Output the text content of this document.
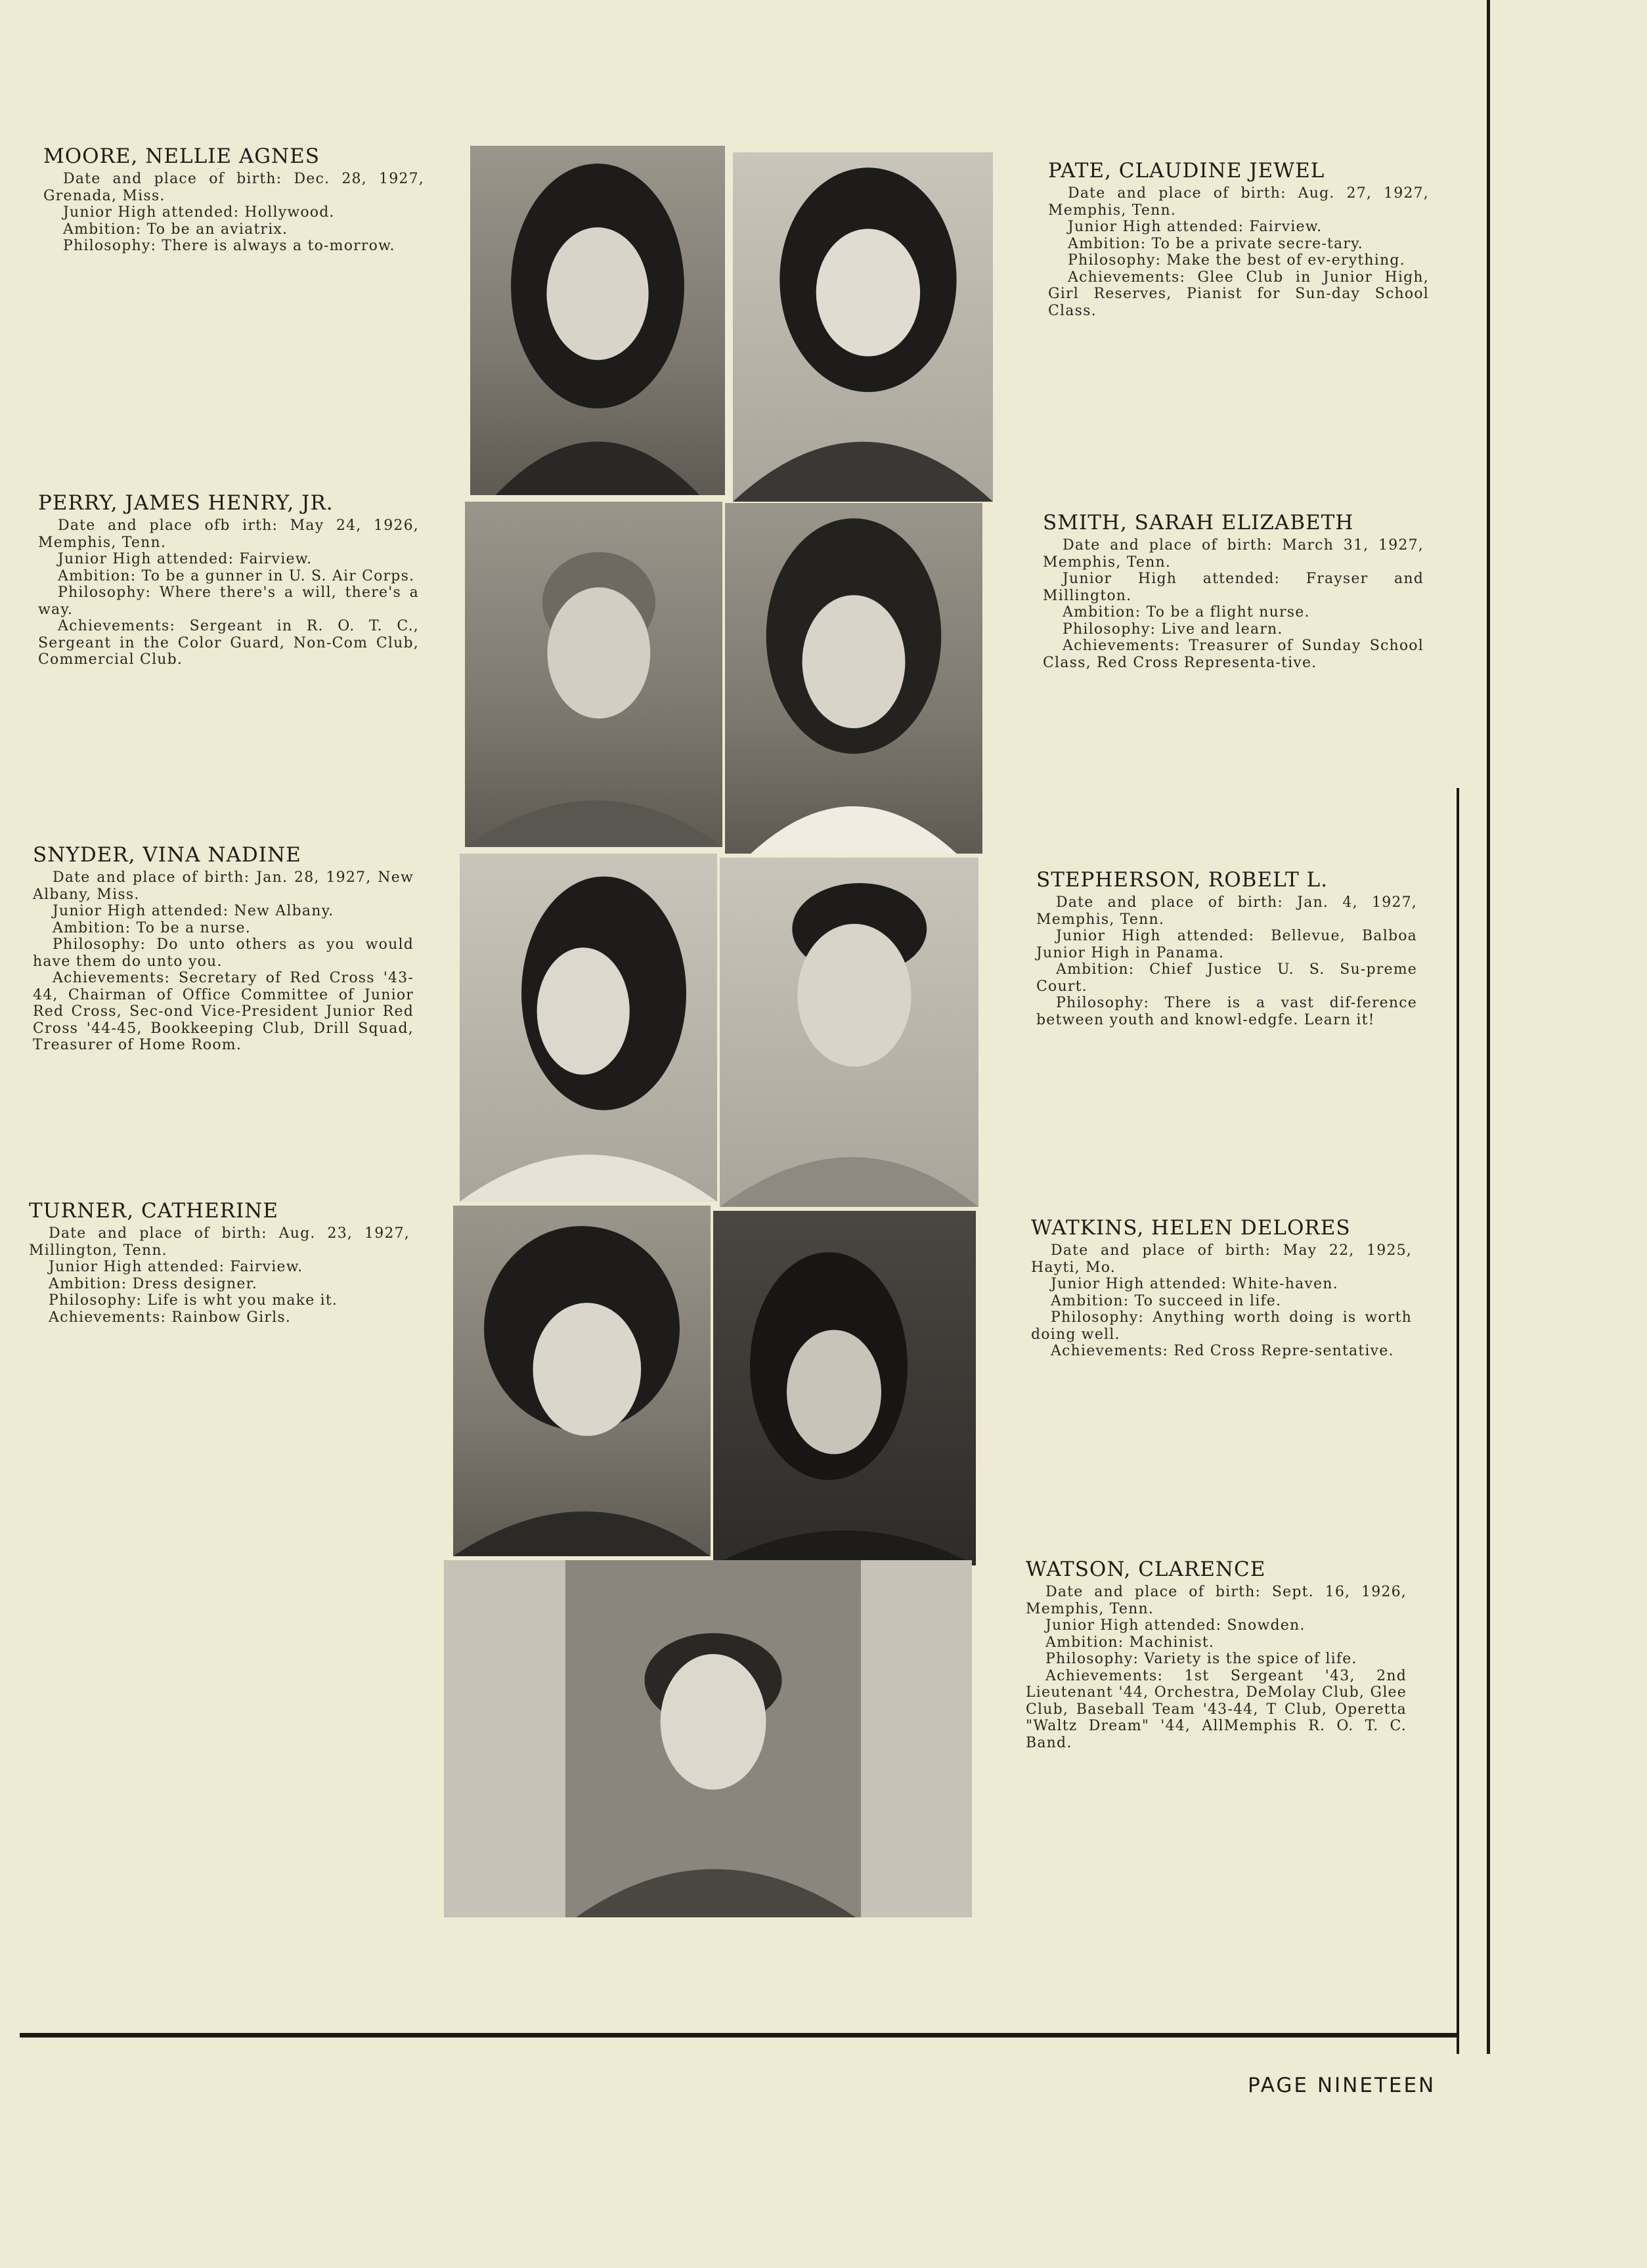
MOORE, NELLIE AGNES

Date and place of birth: Dec. 28, 1927, Grenada, Miss.

Junior High attended: Hollywood.

Ambition: To be an aviatrix.

Philosophy: There is always a to-morrow.

PATE, CLAUDINE JEWEL

Date and place of birth: Aug. 27, 1927, Memphis, Tenn.

Junior High attended: Fairview.

Ambition: To be a private secre-tary.

Philosophy: Make the best of ev-erything.

Achievements: Glee Club in Junior High, Girl Reserves, Pianist for Sun-day School Class.

PERRY, JAMES HENRY, JR.

Date and place ofb irth: May 24, 1926, Memphis, Tenn.

Junior High attended: Fairview.

Ambition: To be a gunner in U. S. Air Corps.

Philosophy: Where there's a will, there's a way.

Achievements: Sergeant in R. O. T. C., Sergeant in the Color Guard, Non-Com Club, Commercial Club.

SMITH, SARAH ELIZABETH

Date and place of birth: March 31, 1927, Memphis, Tenn.

Junior High attended: Frayser and Millington.

Ambition: To be a flight nurse.

Philosophy: Live and learn.

Achievements: Treasurer of Sunday School Class, Red Cross Representa-tive.

SNYDER, VINA NADINE

Date and place of birth: Jan. 28, 1927, New Albany, Miss.

Junior High attended: New Albany.

Ambition: To be a nurse.

Philosophy: Do unto others as you would have them do unto you.

Achievements: Secretary of Red Cross '43-44, Chairman of Office Committee of Junior Red Cross, Sec-ond Vice-President Junior Red Cross '44-45, Bookkeeping Club, Drill Squad, Treasurer of Home Room.

STEPHERSON, ROBELT L.

Date and place of birth: Jan. 4, 1927, Memphis, Tenn.

Junior High attended: Bellevue, Balboa Junior High in Panama.

Ambition: Chief Justice U. S. Su-preme Court.

Philosophy: There is a vast dif-ference between youth and knowl-edgfe. Learn it!

TURNER, CATHERINE

Date and place of birth: Aug. 23, 1927, Millington, Tenn.

Junior High attended: Fairview.

Ambition: Dress designer.

Philosophy: Life is wht you make it.

Achievements: Rainbow Girls.

WATKINS, HELEN DELORES

Date and place of birth: May 22, 1925, Hayti, Mo.

Junior High attended: White-haven.

Ambition: To succeed in life.

Philosophy: Anything worth doing is worth doing well.

Achievements: Red Cross Repre-sentative.

WATSON, CLARENCE

Date and place of birth: Sept. 16, 1926, Memphis, Tenn.

Junior High attended: Snowden.

Ambition: Machinist.

Philosophy: Variety is the spice of life.

Achievements: 1st Sergeant '43, 2nd Lieutenant '44, Orchestra, DeMolay Club, Glee Club, Baseball Team '43-44, T Club, Operetta "Waltz Dream" '44, AllMemphis R. O. T. C. Band.

PAGE NINETEEN
